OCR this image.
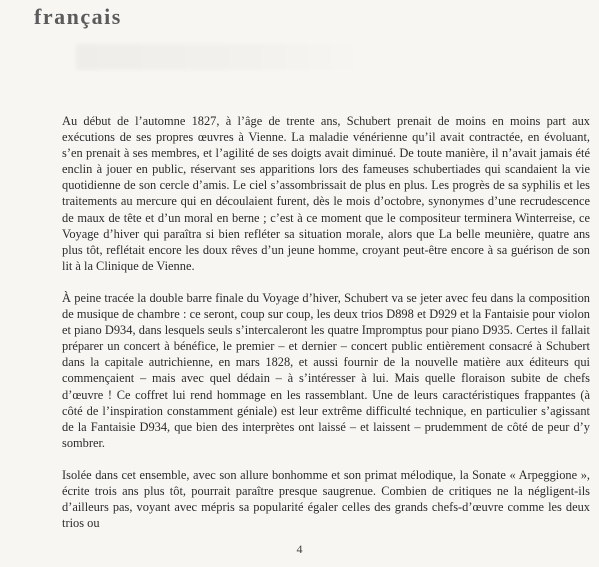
français

Au début de l’automne 1827, à l’âge de trente ans, Schubert prenait de moins en moins part aux exécutions de ses propres œuvres à Vienne. La maladie vénérienne qu’il avait contractée, en évoluant, s’en prenait à ses membres, et l’agilité de ses doigts avait diminué. De toute manière, il n’avait jamais été enclin à jouer en public, réservant ses apparitions lors des fameuses schubertiades qui scandaient la vie quotidienne de son cercle d’amis. Le ciel s’assombrissait de plus en plus. Les progrès de sa syphilis et les traitements au mercure qui en découlaient furent, dès le mois d’octobre, synonymes d’une recrudescence de maux de tête et d’un moral en berne ; c’est à ce moment que le compositeur terminera Winterreise, ce Voyage d’hiver qui paraîtra si bien refléter sa situation morale, alors que La belle meunière, quatre ans plus tôt, reflétait encore les doux rêves d’un jeune homme, croyant peut-être encore à sa guérison de son lit à la Clinique de Vienne.

À peine tracée la double barre finale du Voyage d’hiver, Schubert va se jeter avec feu dans la composition de musique de chambre : ce seront, coup sur coup, les deux trios D898 et D929 et la Fantaisie pour violon et piano D934, dans lesquels seuls s’intercaleront les quatre Impromptus pour piano D935. Certes il fallait préparer un concert à bénéfice, le premier – et dernier – concert public entièrement consacré à Schubert dans la capitale autrichienne, en mars 1828, et aussi fournir de la nouvelle matière aux éditeurs qui commençaient – mais avec quel dédain – à s’intéresser à lui. Mais quelle floraison subite de chefs d’œuvre ! Ce coffret lui rend hommage en les rassemblant. Une de leurs caractéristiques frappantes (à côté de l’inspiration constamment géniale) est leur extrême difficulté technique, en particulier s’agissant de la Fantaisie D934, que bien des interprètes ont laissé – et laissent – prudemment de côté de peur d’y sombrer.

Isolée dans cet ensemble, avec son allure bonhomme et son primat mélodique, la Sonate « Arpeggione », écrite trois ans plus tôt, pourrait paraître presque saugrenue. Combien de critiques ne la négligent-ils d’ailleurs pas, voyant avec mépris sa popularité égaler celles des grands chefs-d’œuvre comme les deux trios ou

4
